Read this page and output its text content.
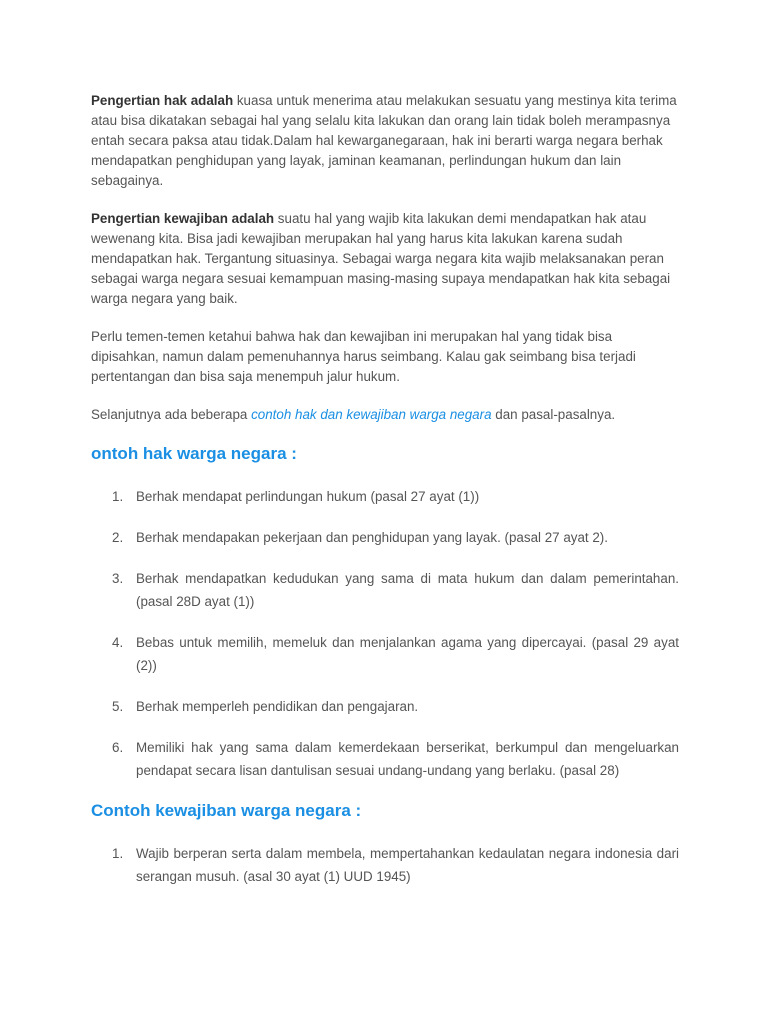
Pengertian hak adalah kuasa untuk menerima atau melakukan sesuatu yang mestinya kita terima atau bisa dikatakan sebagai hal yang selalu kita lakukan dan orang lain tidak boleh merampasnya entah secara paksa atau tidak.Dalam hal kewarganegaraan, hak ini berarti warga negara berhak mendapatkan penghidupan yang layak, jaminan keamanan, perlindungan hukum dan lain sebagainya.

Pengertian kewajiban adalah suatu hal yang wajib kita lakukan demi mendapatkan hak atau wewenang kita. Bisa jadi kewajiban merupakan hal yang harus kita lakukan karena sudah mendapatkan hak. Tergantung situasinya. Sebagai warga negara kita wajib melaksanakan peran sebagai warga negara sesuai kemampuan masing-masing supaya mendapatkan hak kita sebagai warga negara yang baik.

Perlu temen-temen ketahui bahwa hak dan kewajiban ini merupakan hal yang tidak bisa dipisahkan, namun dalam pemenuhannya harus seimbang. Kalau gak seimbang bisa terjadi pertentangan dan bisa saja menempuh jalur hukum.

Selanjutnya ada beberapa contoh hak dan kewajiban warga negara dan pasal-pasalnya.

ontoh hak warga negara :
1. Berhak mendapat perlindungan hukum (pasal 27 ayat (1))
2. Berhak mendapakan pekerjaan dan penghidupan yang layak. (pasal 27 ayat 2).
3. Berhak mendapatkan kedudukan yang sama di mata hukum dan dalam pemerintahan. (pasal 28D ayat (1))
4. Bebas untuk memilih, memeluk dan menjalankan agama yang dipercayai. (pasal 29 ayat (2))
5. Berhak memperleh pendidikan dan pengajaran.
6. Memiliki hak yang sama dalam kemerdekaan berserikat, berkumpul dan mengeluarkan pendapat secara lisan dantulisan sesuai undang-undang yang berlaku. (pasal 28)
Contoh kewajiban warga negara :
1. Wajib berperan serta dalam membela, mempertahankan kedaulatan negara indonesia dari serangan musuh. (asal 30 ayat (1) UUD 1945)
